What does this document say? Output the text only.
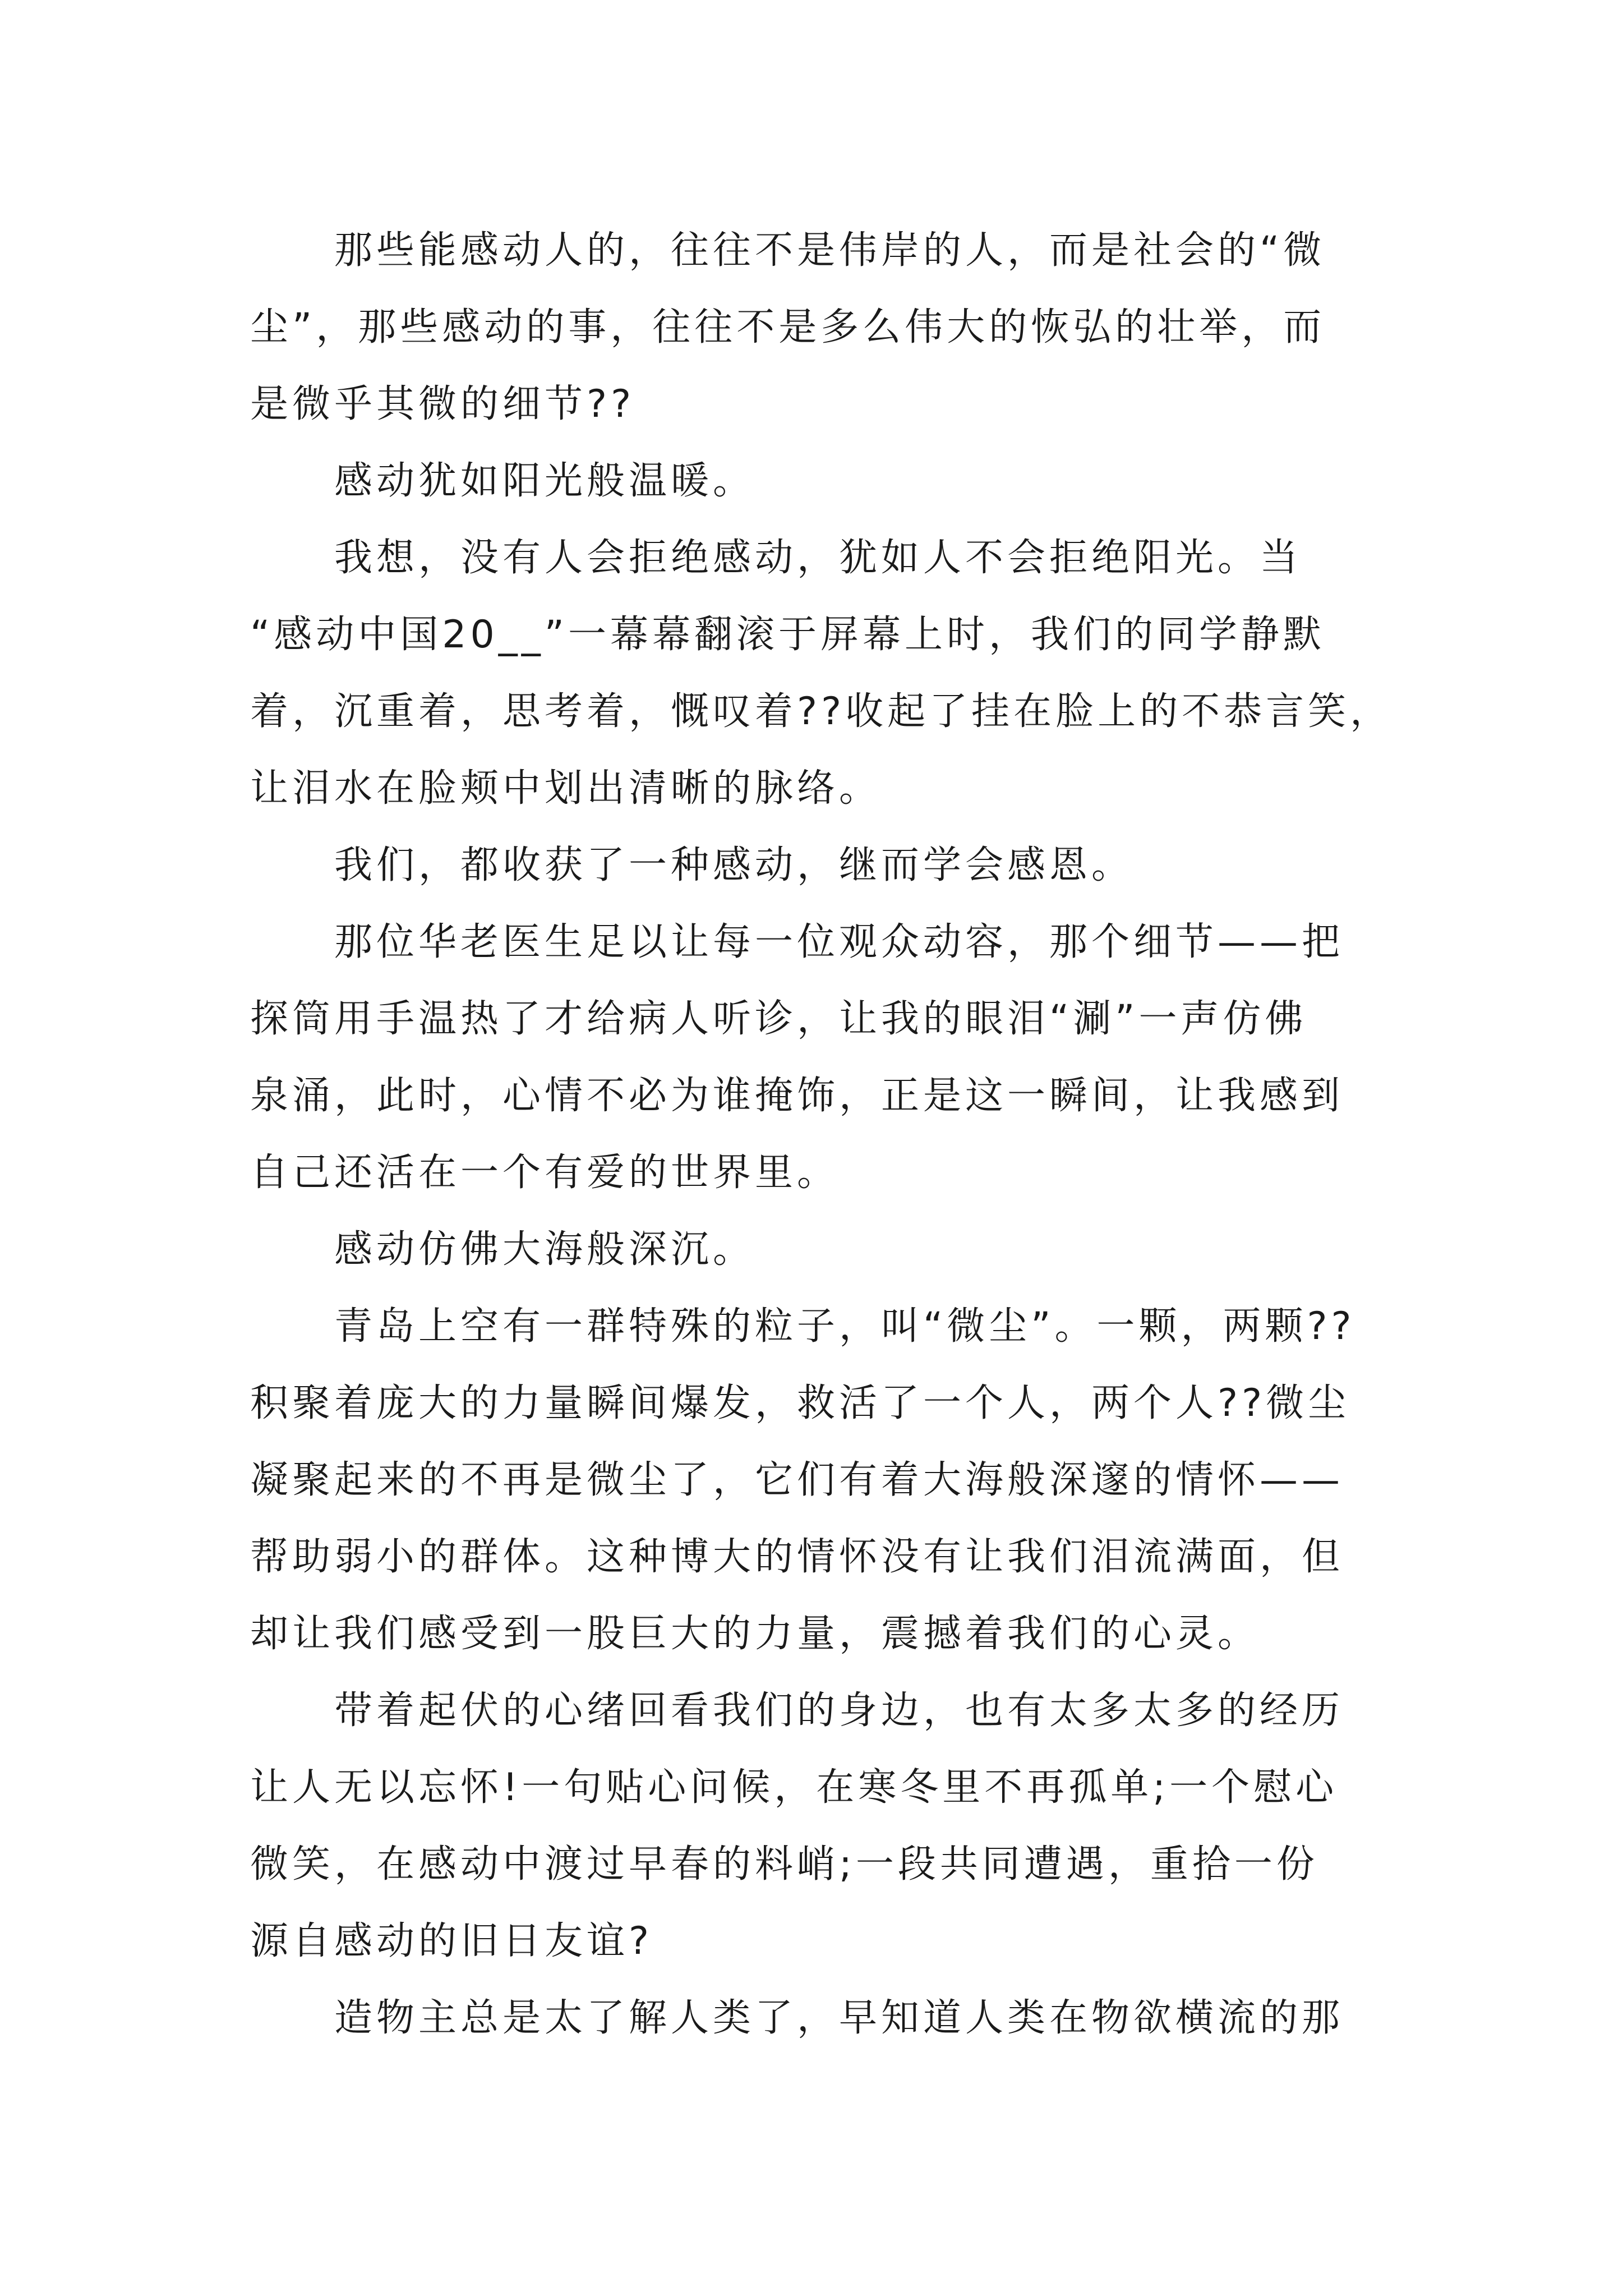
那些能感动人的，往往不是伟岸的人，而是社会的“微
尘”，那些感动的事，往往不是多么伟大的恢弘的壮举，而
是微乎其微的细节??
感动犹如阳光般温暖。
我想，没有人会拒绝感动，犹如人不会拒绝阳光。当
“感动中国20__”一幕幕翻滚于屏幕上时，我们的同学静默
着，沉重着，思考着，慨叹着??收起了挂在脸上的不恭言笑，
让泪水在脸颊中划出清晰的脉络。
我们，都收获了一种感动，继而学会感恩。
那位华老医生足以让每一位观众动容，那个细节——把
探筒用手温热了才给病人听诊，让我的眼泪“涮”一声仿佛
泉涌，此时，心情不必为谁掩饰，正是这一瞬间，让我感到
自己还活在一个有爱的世界里。
感动仿佛大海般深沉。
青岛上空有一群特殊的粒子，叫“微尘”。一颗，两颗??
积聚着庞大的力量瞬间爆发，救活了一个人，两个人??微尘
凝聚起来的不再是微尘了，它们有着大海般深邃的情怀——
帮助弱小的群体。这种博大的情怀没有让我们泪流满面，但
却让我们感受到一股巨大的力量，震撼着我们的心灵。
带着起伏的心绪回看我们的身边，也有太多太多的经历
让人无以忘怀!一句贴心问候，在寒冬里不再孤单;一个慰心
微笑，在感动中渡过早春的料峭;一段共同遭遇，重拾一份
源自感动的旧日友谊?
造物主总是太了解人类了，早知道人类在物欲横流的那
